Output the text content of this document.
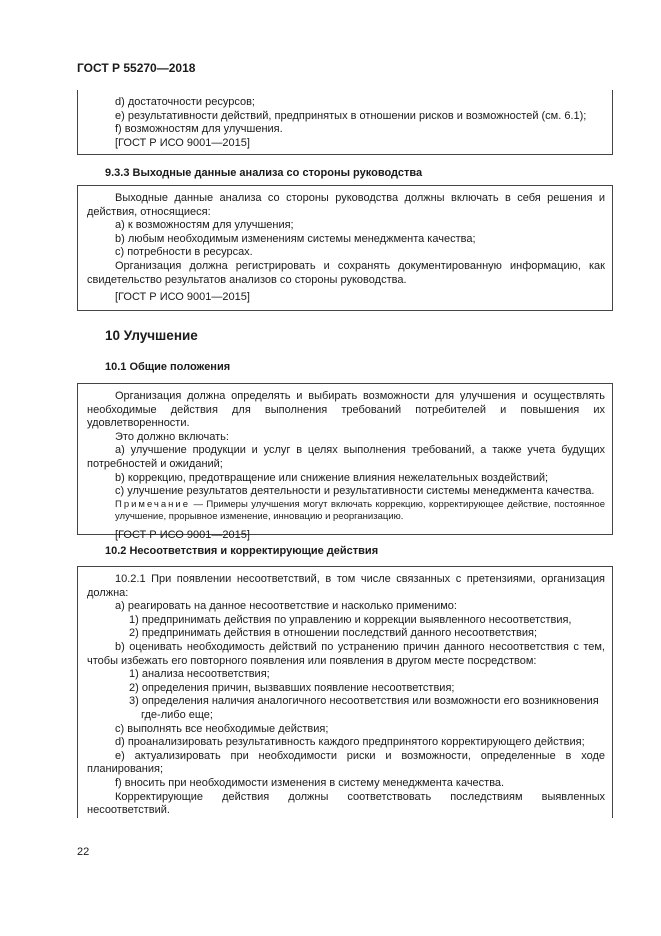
ГОСТ Р 55270—2018
d) достаточности ресурсов;
e) результативности действий, предпринятых в отношении рисков и возможностей (см. 6.1);
f) возможностям для улучшения.
[ГОСТ Р ИСО 9001—2015]
9.3.3 Выходные данные анализа со стороны руководства
Выходные данные анализа со стороны руководства должны включать в себя решения и действия, относящиеся:
a) к возможностям для улучшения;
b) любым необходимым изменениям системы менеджмента качества;
c) потребности в ресурсах.
Организация должна регистрировать и сохранять документированную информацию, как свидетельство результатов анализов со стороны руководства.
[ГОСТ Р ИСО 9001—2015]
10 Улучшение
10.1 Общие положения
Организация должна определять и выбирать возможности для улучшения и осуществлять необходимые действия для выполнения требований потребителей и повышения их удовлетворенности.
Это должно включать:
a) улучшение продукции и услуг в целях выполнения требований, а также учета будущих потребностей и ожиданий;
b) коррекцию, предотвращение или снижение влияния нежелательных воздействий;
c) улучшение результатов деятельности и результативности системы менеджмента качества.
Примечание — Примеры улучшения могут включать коррекцию, корректирующее действие, постоянное улучшение, прорывное изменение, инновацию и реорганизацию.
[ГОСТ Р ИСО 9001—2015]
10.2 Несоответствия и корректирующие действия
10.2.1 При появлении несоответствий, в том числе связанных с претензиями, организация должна:
a) реагировать на данное несоответствие и насколько применимо:
1) предпринимать действия по управлению и коррекции выявленного несоответствия,
2) предпринимать действия в отношении последствий данного несоответствия;
b) оценивать необходимость действий по устранению причин данного несоответствия с тем, чтобы избежать его повторного появления или появления в другом месте посредством:
1) анализа несоответствия;
2) определения причин, вызвавших появление несоответствия;
3) определения наличия аналогичного несоответствия или возможности его возникновения где-либо еще;
c) выполнять все необходимые действия;
d) проанализировать результативность каждого предпринятого корректирующего действия;
e) актуализировать при необходимости риски и возможности, определенные в ходе планирования;
f) вносить при необходимости изменения в систему менеджмента качества.
Корректирующие действия должны соответствовать последствиям выявленных несоответствий.
22
